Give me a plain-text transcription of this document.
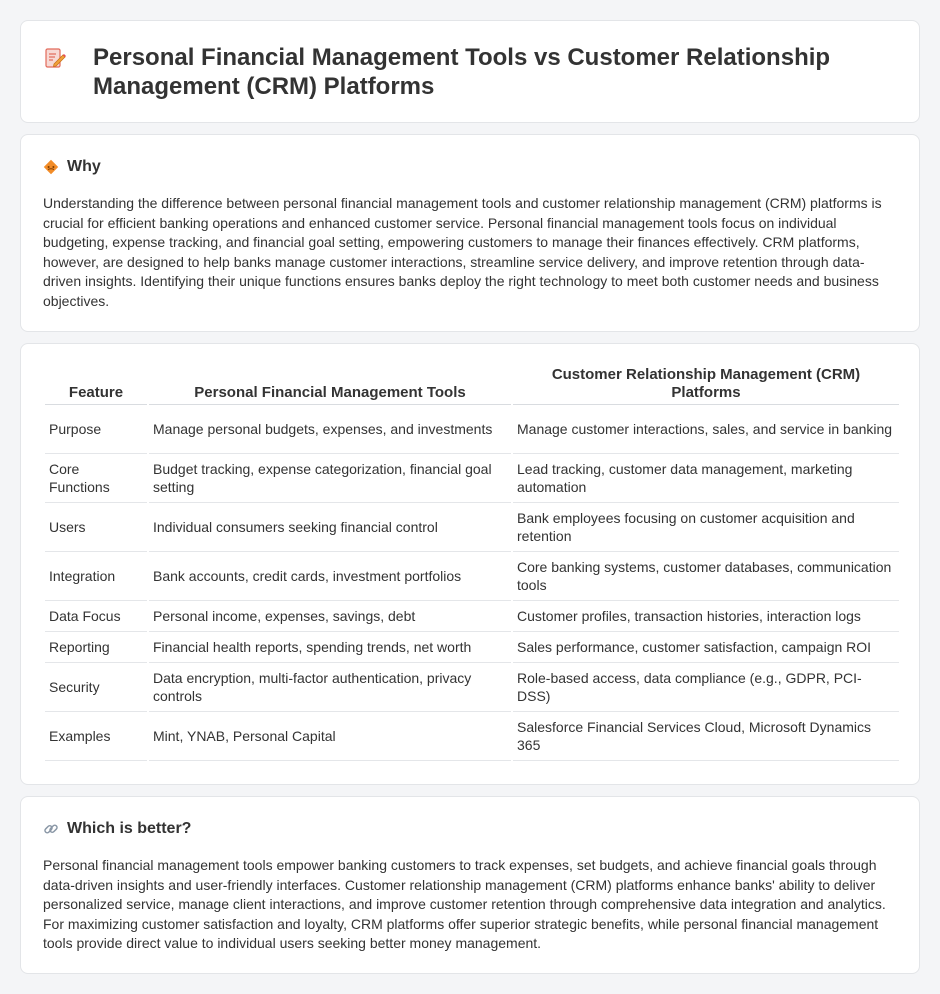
Personal Financial Management Tools vs Customer Relationship Management (CRM) Platforms
Why

Understanding the difference between personal financial management tools and customer relationship management (CRM) platforms is crucial for efficient banking operations and enhanced customer service. Personal financial management tools focus on individual budgeting, expense tracking, and financial goal setting, empowering customers to manage their finances effectively. CRM platforms, however, are designed to help banks manage customer interactions, streamline service delivery, and improve retention through data-driven insights. Identifying their unique functions ensures banks deploy the right technology to meet both customer needs and business objectives.

Feature	Personal Financial Management Tools	Customer Relationship Management (CRM) Platforms
Purpose	Manage personal budgets, expenses, and investments	Manage customer interactions, sales, and service in banking
Core Functions	Budget tracking, expense categorization, financial goal setting	Lead tracking, customer data management, marketing automation
Users	Individual consumers seeking financial control	Bank employees focusing on customer acquisition and retention
Integration	Bank accounts, credit cards, investment portfolios	Core banking systems, customer databases, communication tools
Data Focus	Personal income, expenses, savings, debt	Customer profiles, transaction histories, interaction logs
Reporting	Financial health reports, spending trends, net worth	Sales performance, customer satisfaction, campaign ROI
Security	Data encryption, multi-factor authentication, privacy controls	Role-based access, data compliance (e.g., GDPR, PCI-DSS)
Examples	Mint, YNAB, Personal Capital	Salesforce Financial Services Cloud, Microsoft Dynamics 365
Which is better?

Personal financial management tools empower banking customers to track expenses, set budgets, and achieve financial goals through data-driven insights and user-friendly interfaces. Customer relationship management (CRM) platforms enhance banks' ability to deliver personalized service, manage client interactions, and improve customer retention through comprehensive data integration and analytics. For maximizing customer satisfaction and loyalty, CRM platforms offer superior strategic benefits, while personal financial management tools provide direct value to individual users seeking better money management.
